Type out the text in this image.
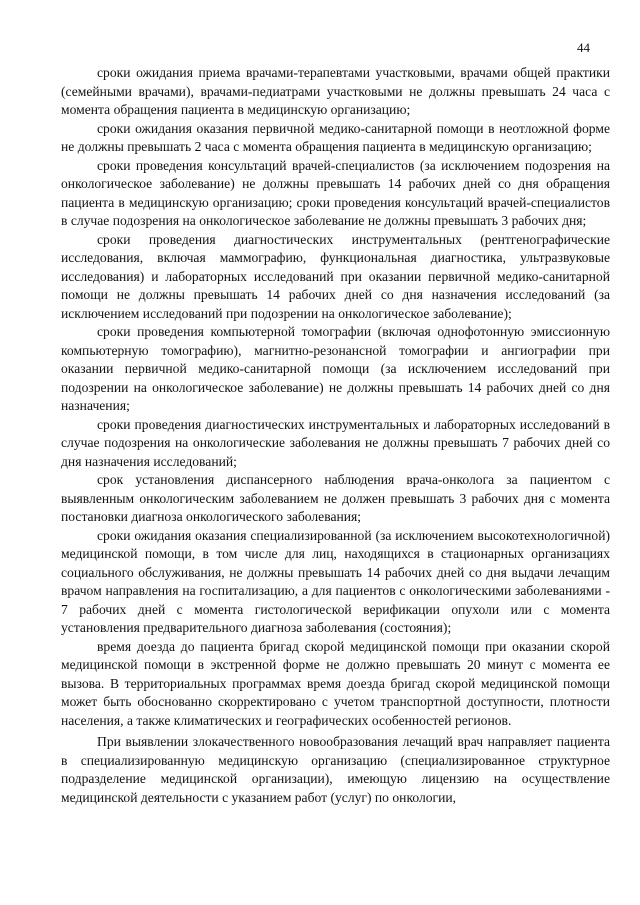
44

сроки ожидания приема врачами-терапевтами участковыми, врачами общей практики (семейными врачами), врачами-педиатрами участковыми не должны превышать 24 часа с момента обращения пациента в медицинскую организацию;

сроки ожидания оказания первичной медико-санитарной помощи в неотложной форме не должны превышать 2 часа с момента обращения пациента в медицинскую организацию;

сроки проведения консультаций врачей-специалистов (за исключением подозрения на онкологическое заболевание) не должны превышать 14 рабочих дней со дня обращения пациента в медицинскую организацию; сроки проведения консультаций врачей-специалистов в случае подозрения на онкологическое заболевание не должны превышать 3 рабочих дня;

сроки проведения диагностических инструментальных (рентгенографические исследования, включая маммографию, функциональная диагностика, ультразвуковые исследования) и лабораторных исследований при оказании первичной медико-санитарной помощи не должны превышать 14 рабочих дней со дня назначения исследований (за исключением исследований при подозрении на онкологическое заболевание);

сроки проведения компьютерной томографии (включая однофотонную эмиссионную компьютерную томографию), магнитно-резонансной томографии и ангиографии при оказании первичной медико-санитарной помощи (за исключением исследований при подозрении на онкологическое заболевание) не должны превышать 14 рабочих дней со дня назначения;

сроки проведения диагностических инструментальных и лабораторных исследований в случае подозрения на онкологические заболевания не должны превышать 7 рабочих дней со дня назначения исследований;

срок установления диспансерного наблюдения врача-онколога за пациентом с выявленным онкологическим заболеванием не должен превышать 3 рабочих дня с момента постановки диагноза онкологического заболевания;

сроки ожидания оказания специализированной (за исключением высокотехнологичной) медицинской помощи, в том числе для лиц, находящихся в стационарных организациях социального обслуживания, не должны превышать 14 рабочих дней со дня выдачи лечащим врачом направления на госпитализацию, а для пациентов с онкологическими заболеваниями - 7 рабочих дней с момента гистологической верификации опухоли или с момента установления предварительного диагноза заболевания (состояния);

время доезда до пациента бригад скорой медицинской помощи при оказании скорой медицинской помощи в экстренной форме не должно превышать 20 минут с момента ее вызова. В территориальных программах время доезда бригад скорой медицинской помощи может быть обоснованно скорректировано с учетом транспортной доступности, плотности населения, а также климатических и географических особенностей регионов.

При выявлении злокачественного новообразования лечащий врач направляет пациента в специализированную медицинскую организацию (специализированное структурное подразделение медицинской организации), имеющую лицензию на осуществление медицинской деятельности с указанием работ (услуг) по онкологии,
